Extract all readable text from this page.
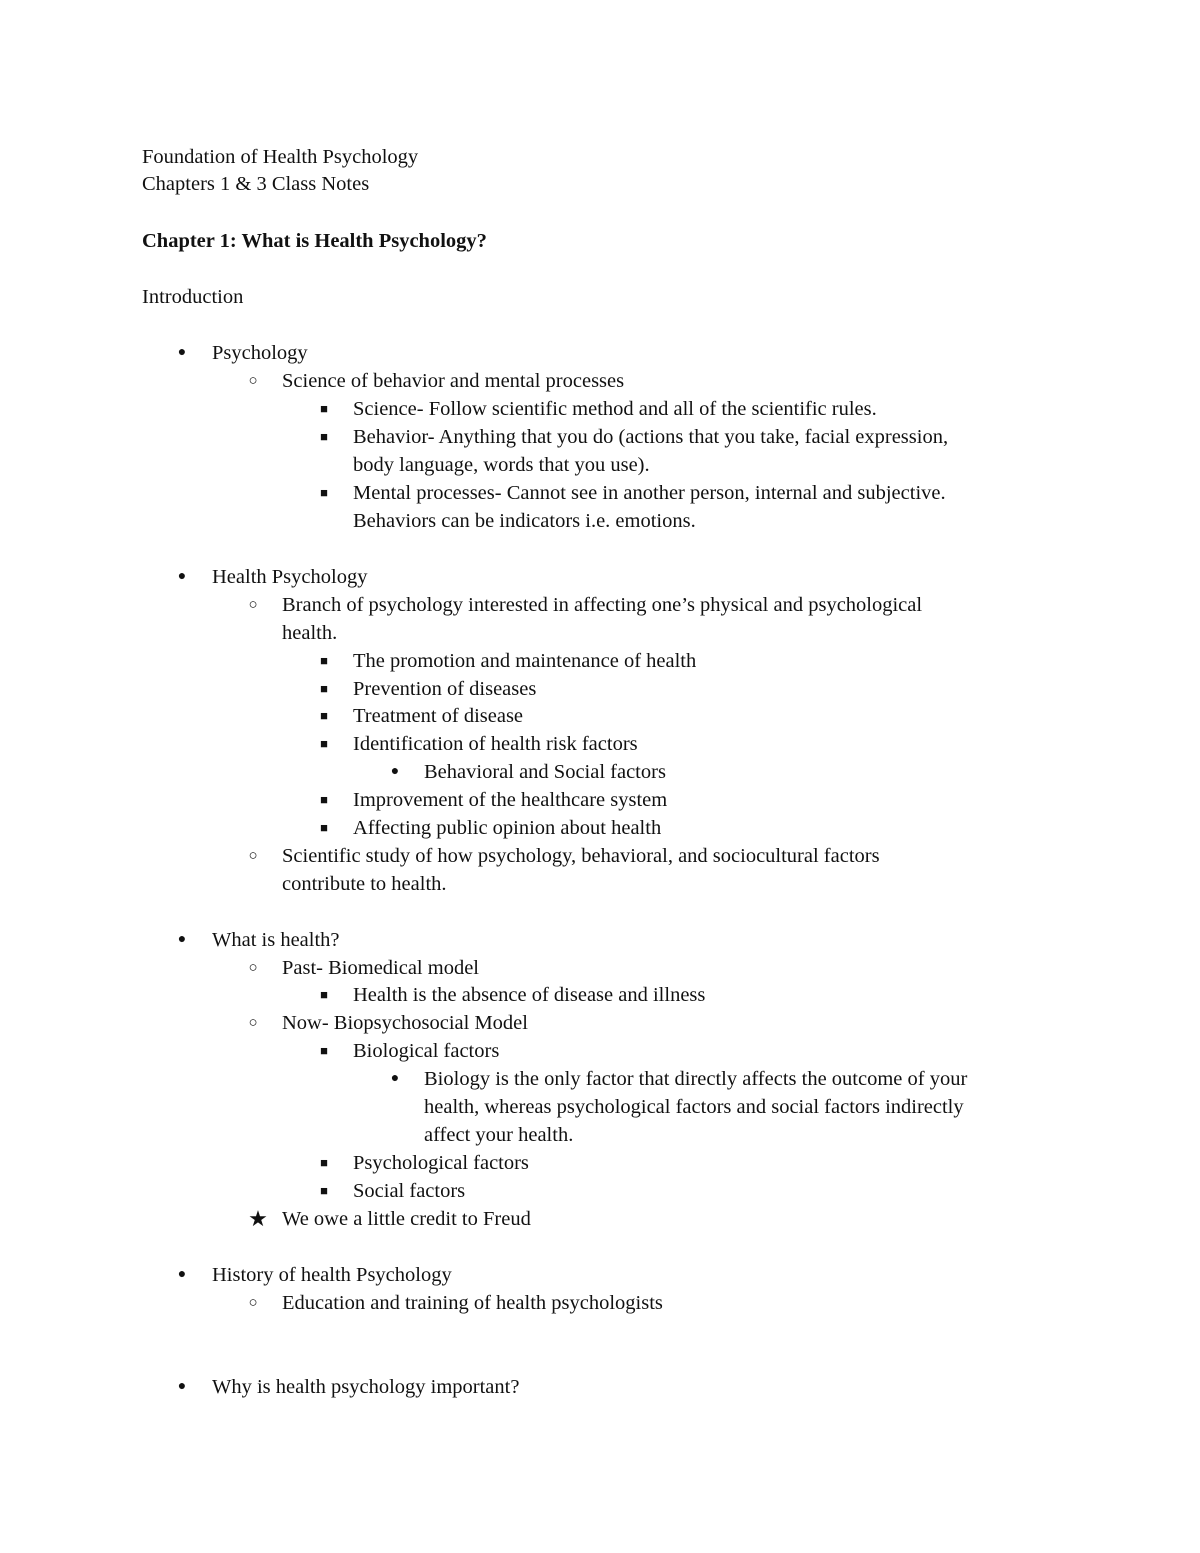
Foundation of Health Psychology
Chapters 1 & 3 Class Notes
Chapter 1: What is Health Psychology?
Introduction
● Psychology
○ Science of behavior and mental processes
■ Science- Follow scientific method and all of the scientific rules.
■ Behavior- Anything that you do (actions that you take, facial expression,
body language, words that you use).
■ Mental processes- Cannot see in another person, internal and subjective.
Behaviors can be indicators i.e. emotions.
● Health Psychology
○ Branch of psychology interested in affecting one’s physical and psychological
health.
■ The promotion and maintenance of health
■ Prevention of diseases
■ Treatment of disease
■ Identification of health risk factors
● Behavioral and Social factors
■ Improvement of the healthcare system
■ Affecting public opinion about health
○ Scientific study of how psychology, behavioral, and sociocultural factors
contribute to health.
● What is health?
○ Past- Biomedical model
■ Health is the absence of disease and illness
○ Now- Biopsychosocial Model
■ Biological factors
● Biology is the only factor that directly affects the outcome of your
health, whereas psychological factors and social factors indirectly
affect your health.
■ Psychological factors
■ Social factors
★ We owe a little credit to Freud
● History of health Psychology
○ Education and training of health psychologists
● Why is health psychology important?
